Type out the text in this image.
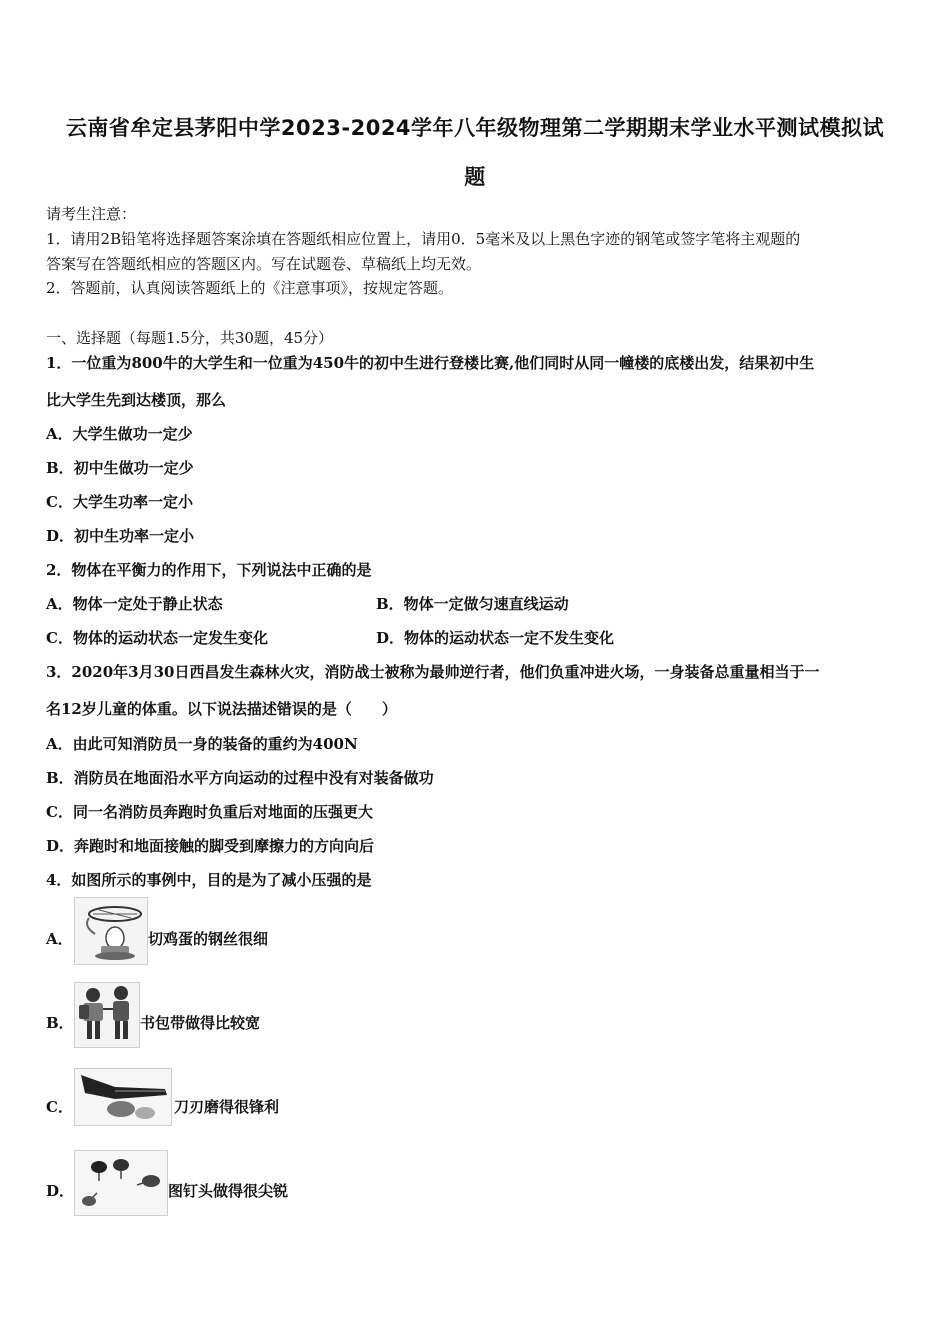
云南省牟定县茅阳中学2023-2024学年八年级物理第二学期期末学业水平测试模拟试
题
请考生注意：
1．请用2B铅笔将选择题答案涂填在答题纸相应位置上，请用0．5毫米及以上黑色字迹的钢笔或签字笔将主观题的
答案写在答题纸相应的答题区内。写在试题卷、草稿纸上均无效。
2．答题前，认真阅读答题纸上的《注意事项》，按规定答题。
一、选择题（每题1.5分，共30题，45分）
1．一位重为800牛的大学生和一位重为450牛的初中生进行登楼比赛,他们同时从同一幢楼的底楼出发，结果初中生
比大学生先到达楼顶，那么
A．大学生做功一定少
B．初中生做功一定少
C．大学生功率一定小
D．初中生功率一定小
2．物体在平衡力的作用下，下列说法中正确的是
A．物体一定处于静止状态	B．物体一定做匀速直线运动
C．物体的运动状态一定发生变化	D．物体的运动状态一定不发生变化
3．2020年3月30日西昌发生森林火灾，消防战士被称为最帅逆行者，他们负重冲进火场，一身装备总重量相当于一
名12岁儿童的体重。以下说法描述错误的是（　　）
A．由此可知消防员一身的装备的重约为400N
B．消防员在地面沿水平方向运动的过程中没有对装备做功
C．同一名消防员奔跑时负重后对地面的压强更大
D．奔跑时和地面接触的脚受到摩擦力的方向向后
4．如图所示的事例中，目的是为了减小压强的是
A．	切鸡蛋的钢丝很细
B．	书包带做得比较宽
C．	刀刃磨得很锋利
D．	图钉头做得很尖锐
